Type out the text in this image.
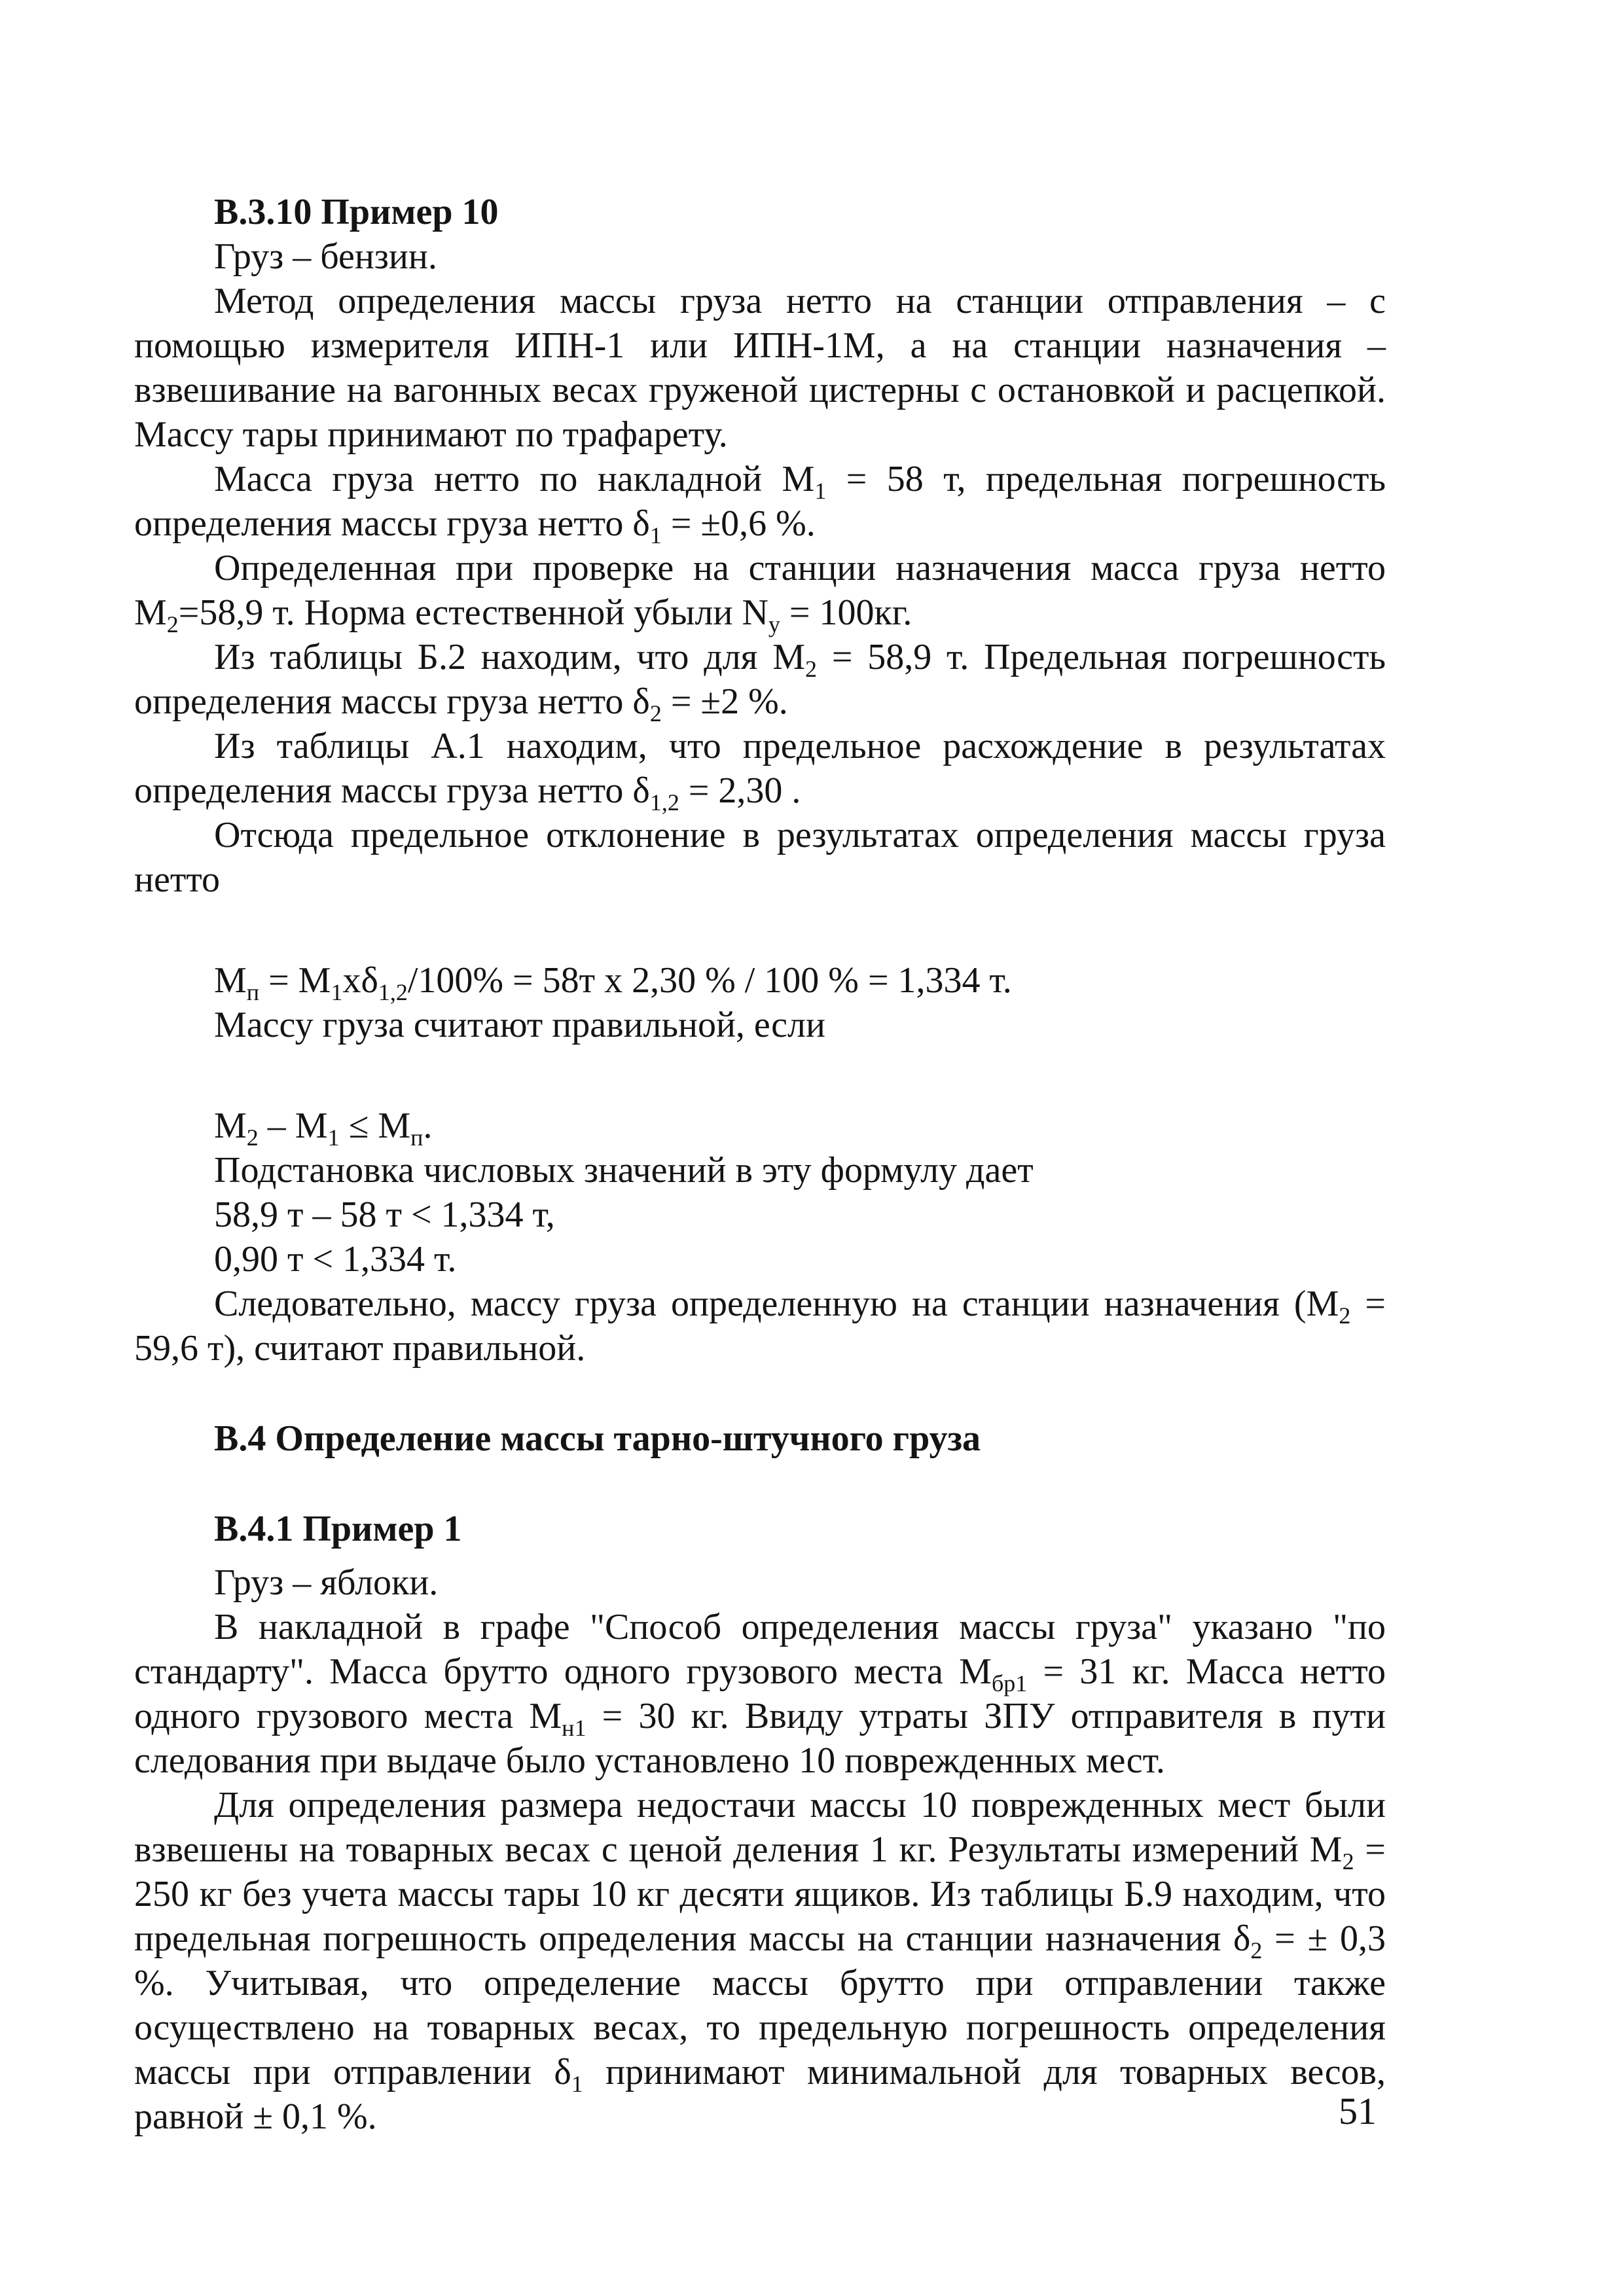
В.3.10 Пример 10

Груз – бензин.

Метод определения массы груза нетто на станции отправления – с помощью измерителя ИПН-1 или ИПН-1М, а на станции назначения – взвешивание на вагонных весах груженой цистерны с остановкой и расцепкой. Массу тары принимают по трафарету.

Масса груза нетто по накладной $М_1 = 58$ т, предельная погрешность определения массы груза нетто $\delta_1 = \pm 0,6$ %.

Определенная при проверке на станции назначения масса груза нетто $М_2=58,9$ т. Норма естественной убыли $N_y = 100кг$.

Из таблицы Б.2 находим, что для $М_2 = 58,9$ т. Предельная погрешность определения массы груза нетто $\delta_2 = \pm 2$ %.

Из таблицы А.1 находим, что предельное расхождение в результатах определения массы груза нетто $\delta_{1,2} = 2,30$ .

Отсюда предельное отклонение в результатах определения массы груза нетто

$М_п = М_1х\delta_{1,2}/100\% = 58т$ х 2,30 % / 100 % = 1,334 т.

Массу груза считают правильной, если

$М_2 - М_1 \le М_п$.

Подстановка числовых значений в эту формулу дает

58,9 т – 58 т < 1,334 т,

0,90 т < 1,334 т.

Следовательно, массу груза определенную на станции назначения ($М_2 = 59,6$ т), считают правильной.

В.4 Определение массы тарно-штучного груза

В.4.1 Пример 1

Груз – яблоки.

В накладной в графе "Способ определения массы груза" указано "по стандарту". Масса брутто одного грузового места $М_{бр1} = 31$ кг. Масса нетто одного грузового места $М_{н1} = 30$ кг. Ввиду утраты ЗПУ отправителя в пути следования при выдаче было установлено 10 поврежденных мест.

Для определения размера недостачи массы 10 поврежденных мест были взвешены на товарных весах с ценой деления 1 кг. Результаты измерений $М_2 = 250$ кг без учета массы тары 10 кг десяти ящиков. Из таблицы Б.9 находим, что предельная погрешность определения массы на станции назначения $\delta_2$ = ± 0,3 %. Учитывая, что определение массы брутто при отправлении также осуществлено на товарных весах, то предельную погрешность определения массы при отправлении $\delta_1$ принимают минимальной для товарных весов, равной ± 0,1 %.	51
